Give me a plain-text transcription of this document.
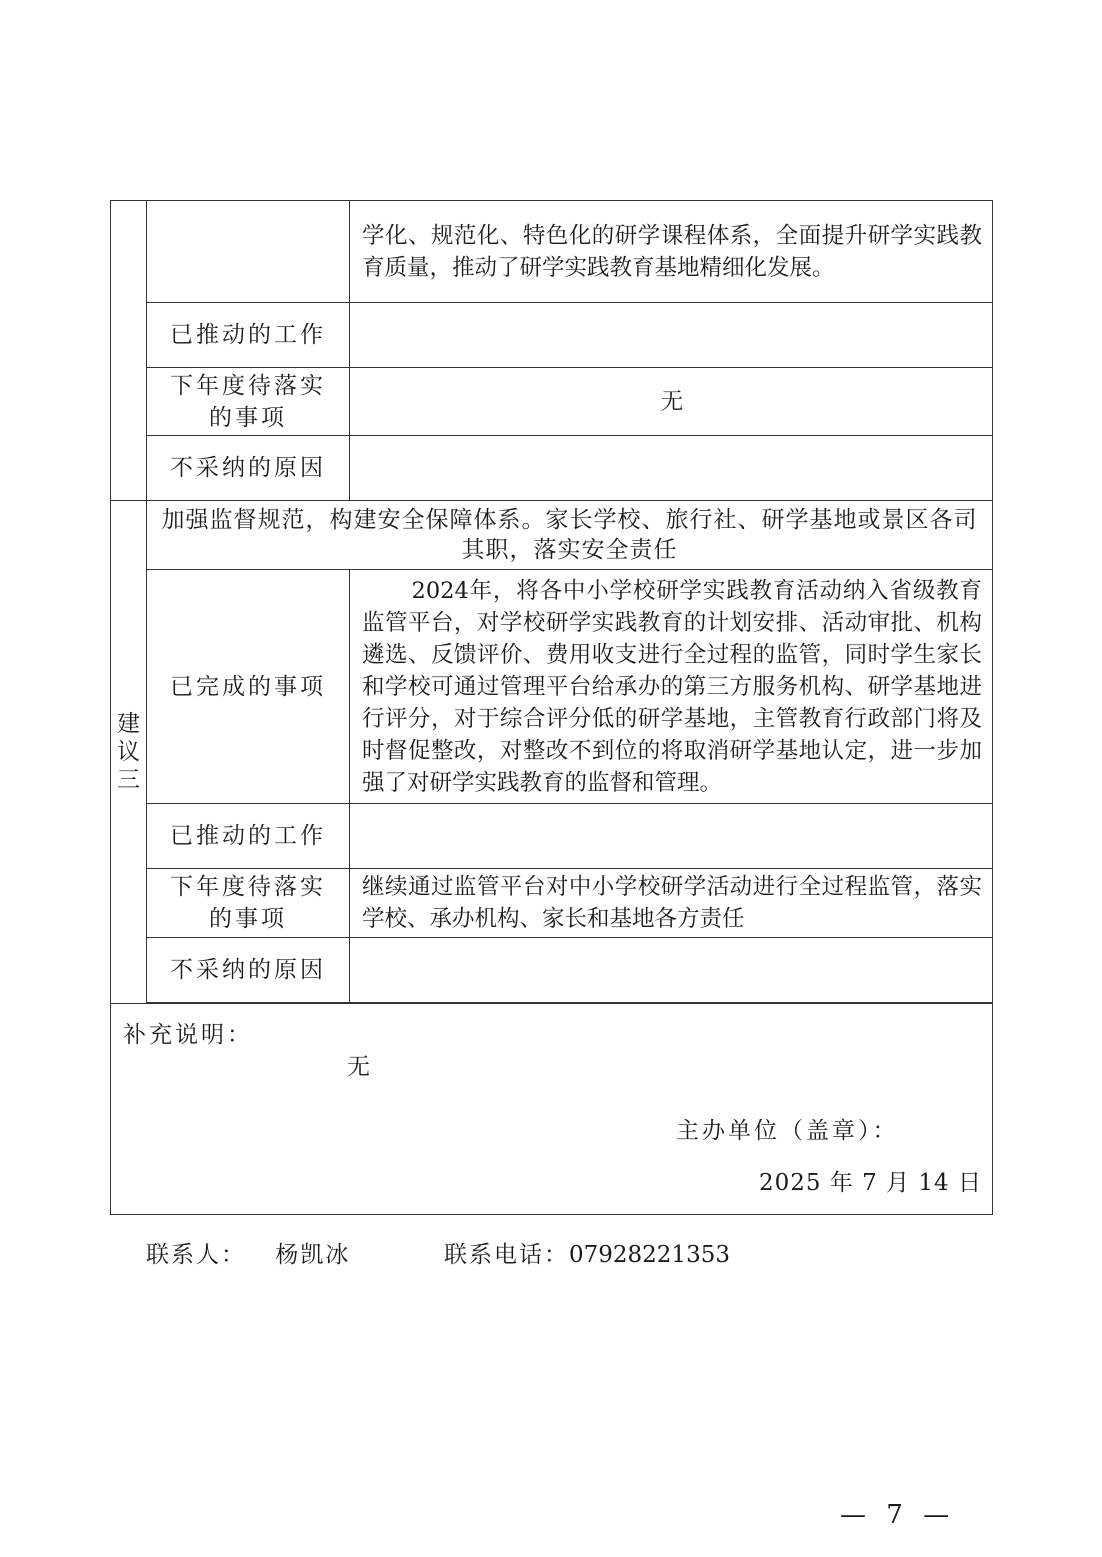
		学化、规范化、特色化的研学课程体系，全面提升研学实践教育质量，推动了研学实践教育基地精细化发展。
	已推动的工作	

	下年度待落实
的事项	无
	不采纳的原因	

建
议
三	加强监督规范，构建安全保障体系。家长学校、旅行社、研学基地或景区各司其职，落实安全责任	
	已完成的事项	2024年，将各中小学校研学实践教育活动纳入省级教育监管平台，对学校研学实践教育的计划安排、活动审批、机构遴选、反馈评价、费用收支进行全过程的监管，同时学生家长和学校可通过管理平台给承办的第三方服务机构、研学基地进行评分，对于综合评分低的研学基地，主管教育行政部门将及时督促整改，对整改不到位的将取消研学基地认定，进一步加强了对研学实践教育的监督和管理。
	已推动的工作	

	下年度待落实
的事项	继续通过监管平台对中小学校研学活动进行全过程监管，落实学校、承办机构、家长和基地各方责任
	不采纳的原因	

补充说明：
无
主办单位（盖章）：
2025 年 7 月 14 日		
联系人： 杨凯冰	联系电话：07928221353
— 7 —
